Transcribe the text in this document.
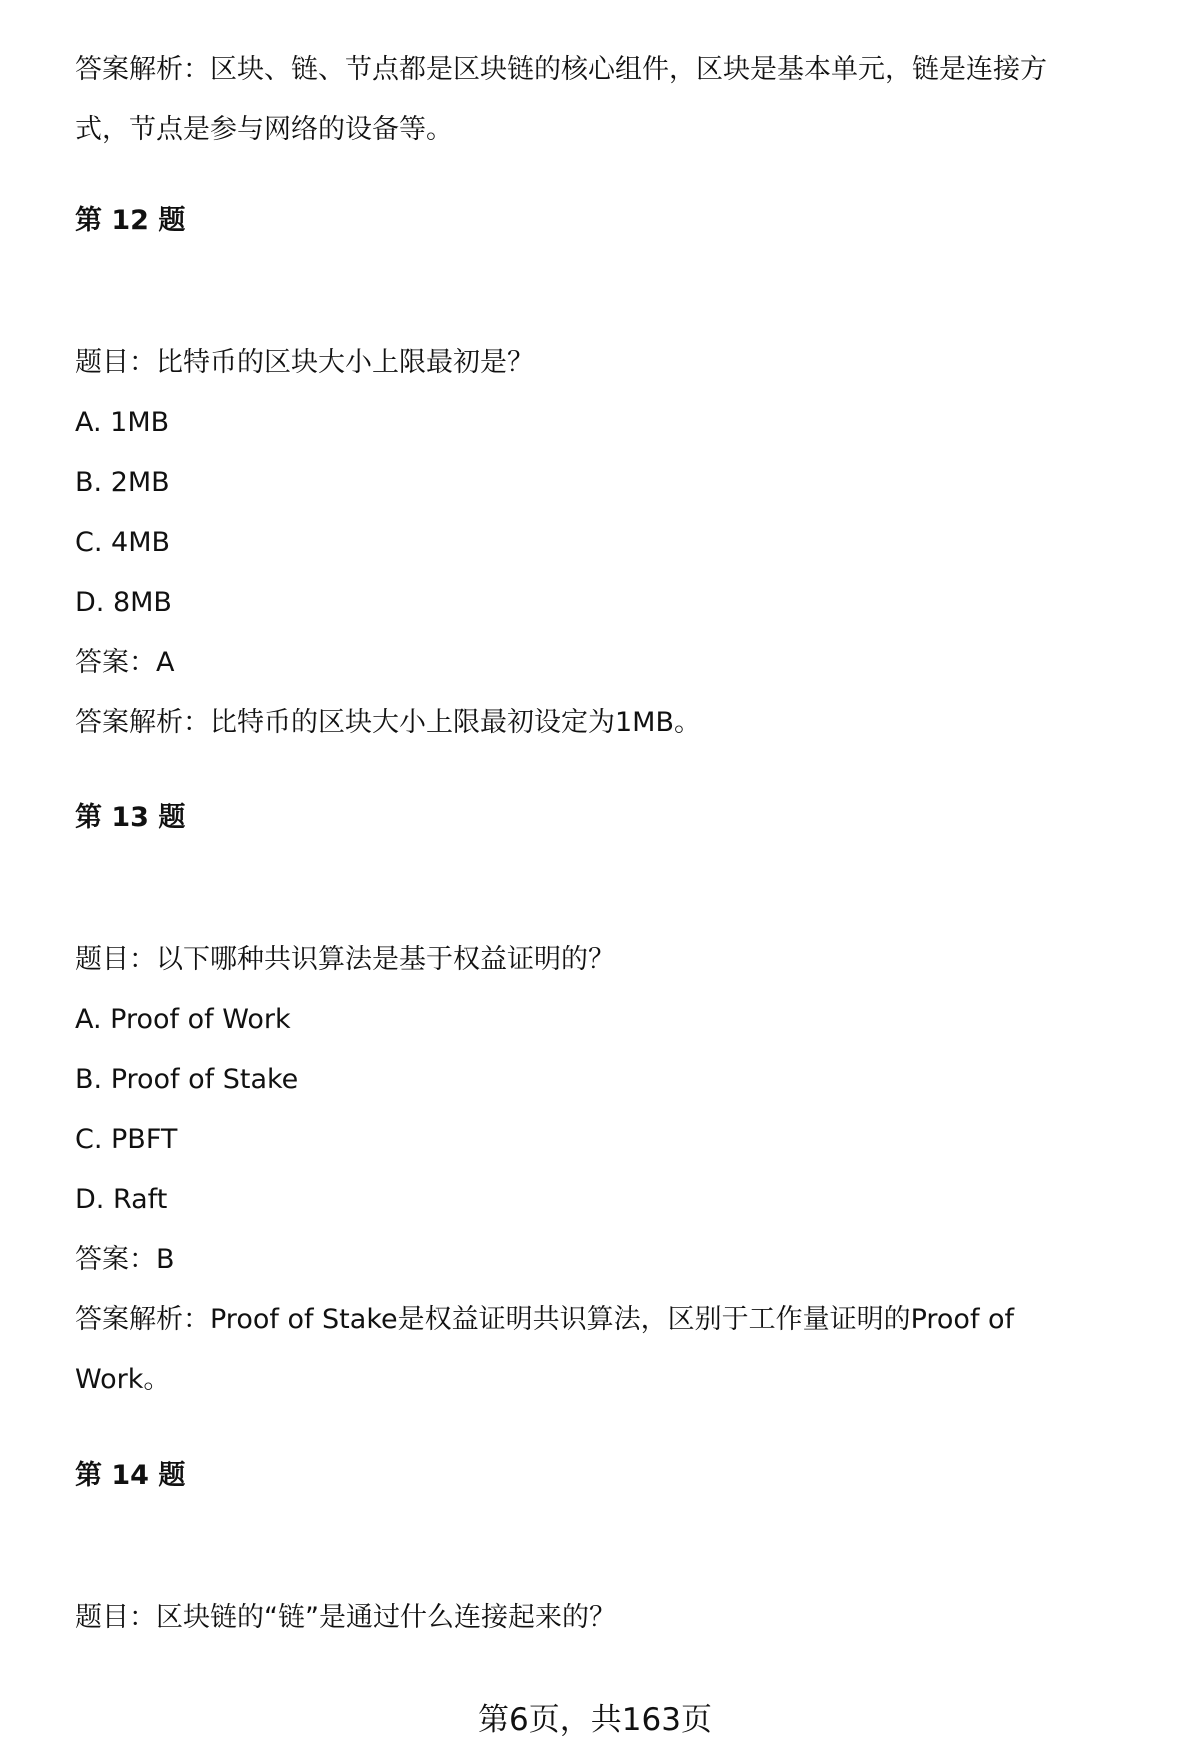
答案解析：区块、链、节点都是区块链的核心组件，区块是基本单元，链是连接方
式，节点是参与网络的设备等。
第 12 题
题目：比特币的区块大小上限最初是？
A. 1MB
B. 2MB
C. 4MB
D. 8MB
答案：A
答案解析：比特币的区块大小上限最初设定为1MB。
第 13 题
题目：以下哪种共识算法是基于权益证明的？
A. Proof of Work
B. Proof of Stake
C. PBFT
D. Raft
答案：B
答案解析：Proof of Stake是权益证明共识算法，区别于工作量证明的Proof of
Work。
第 14 题
题目：区块链的“链”是通过什么连接起来的？
第6页，共163页
